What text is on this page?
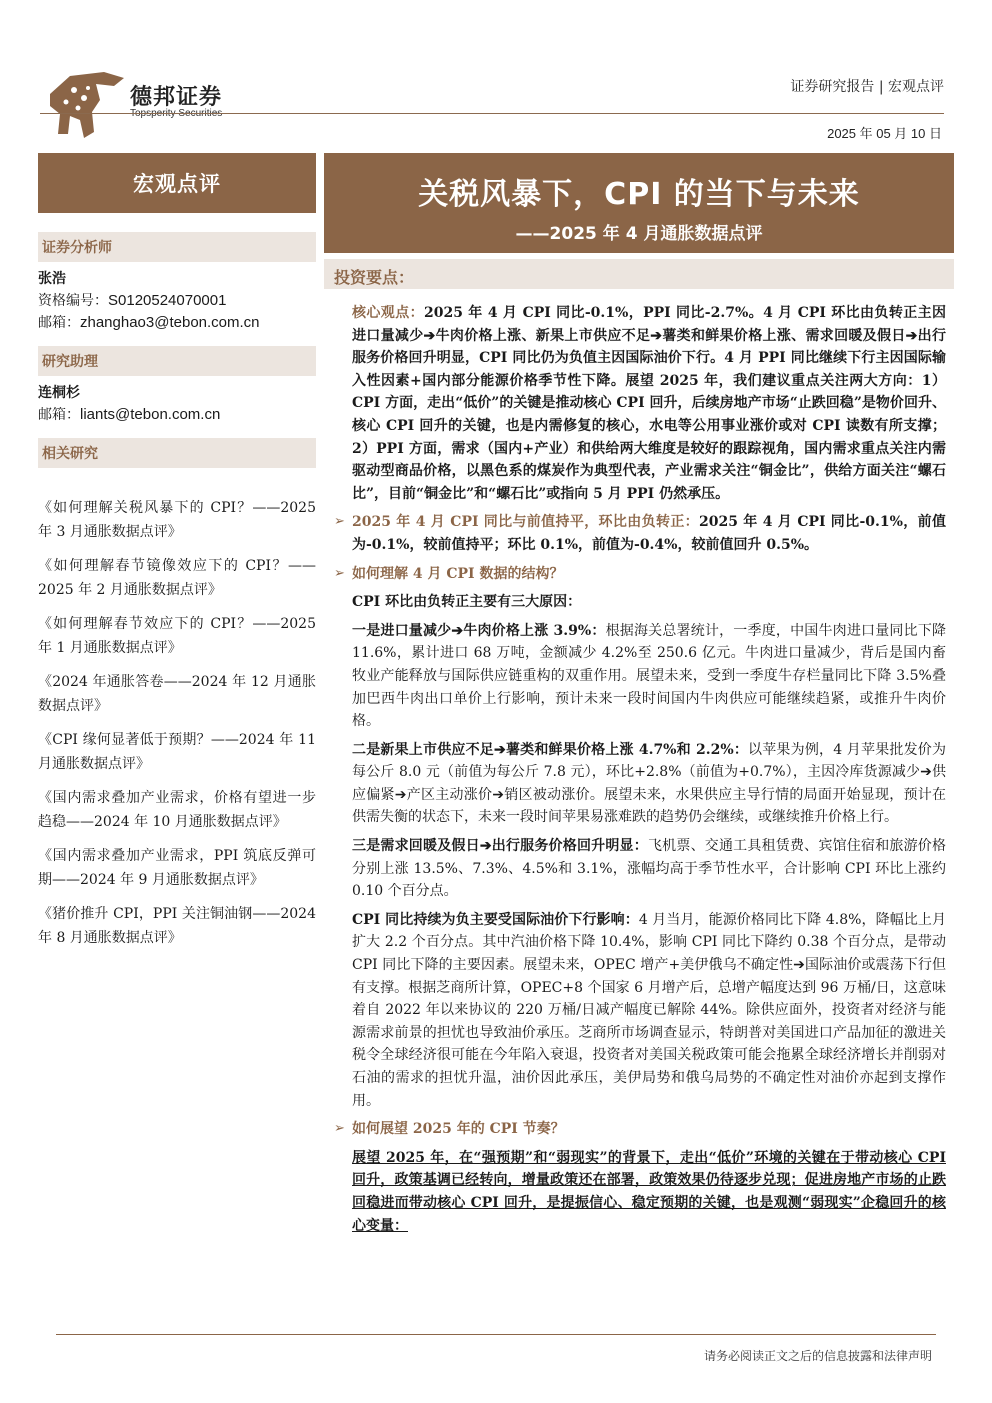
德邦证券
Topsperity Securities
证券研究报告 | 宏观点评
2025 年 05 月 10 日
宏观点评	关税风暴下，CPI 的当下与未来
——2025 年 4 月通胀数据点评
证券分析师
张浩
资格编号：S0120524070001
邮箱：zhanghao3@tebon.com.cn
研究助理
连桐杉
邮箱：liants@tebon.com.cn
相关研究
《如何理解关税风暴下的 CPI？——2025 年 3 月通胀数据点评》
《如何理解春节镜像效应下的 CPI？——2025 年 2 月通胀数据点评》
《如何理解春节效应下的 CPI？——2025 年 1 月通胀数据点评》
《2024 年通胀答卷——2024 年 12 月通胀数据点评》
《CPI 缘何显著低于预期？——2024 年 11 月通胀数据点评》
《国内需求叠加产业需求，价格有望进一步趋稳——2024 年 10 月通胀数据点评》
《国内需求叠加产业需求，PPI 筑底反弹可期——2024 年 9 月通胀数据点评》
《猪价推升 CPI，PPI 关注铜油钢——2024 年 8 月通胀数据点评》
投资要点：
核心观点：2025 年 4 月 CPI 同比-0.1%，PPI 同比-2.7%。4 月 CPI 环比由负转正主因进口量减少➔牛肉价格上涨、新果上市供应不足➔薯类和鲜果价格上涨、需求回暖及假日➔出行服务价格回升明显，CPI 同比仍为负值主因国际油价下行。4 月 PPI 同比继续下行主因国际输入性因素+国内部分能源价格季节性下降。展望 2025 年，我们建议重点关注两大方向：1）CPI 方面，走出“低价”的关键是推动核心 CPI 回升，后续房地产市场“止跌回稳”是物价回升、核心 CPI 回升的关键，也是内需修复的核心，水电等公用事业涨价或对 CPI 读数有所支撑；2）PPI 方面，需求（国内+产业）和供给两大维度是较好的跟踪视角，国内需求重点关注内需驱动型商品价格，以黑色系的煤炭作为典型代表，产业需求关注“铜金比”，供给方面关注“螺石比”，目前“铜金比”和“螺石比”或指向 5 月 PPI 仍然承压。
➢ 2025 年 4 月 CPI 同比与前值持平，环比由负转正：2025 年 4 月 CPI 同比-0.1%，前值为-0.1%，较前值持平；环比 0.1%，前值为-0.4%，较前值回升 0.5%。
➢ 如何理解 4 月 CPI 数据的结构？
CPI 环比由负转正主要有三大原因：
一是进口量减少➔牛肉价格上涨 3.9%：根据海关总署统计，一季度，中国牛肉进口量同比下降 11.6%，累计进口 68 万吨，金额减少 4.2%至 250.6 亿元。牛肉进口量减少，背后是国内畜牧业产能释放与国际供应链重构的双重作用。展望未来，受到一季度牛存栏量同比下降 3.5%叠加巴西牛肉出口单价上行影响，预计未来一段时间国内牛肉供应可能继续趋紧，或推升牛肉价格。
二是新果上市供应不足➔薯类和鲜果价格上涨 4.7%和 2.2%：以苹果为例，4 月苹果批发价为每公斤 8.0 元（前值为每公斤 7.8 元），环比+2.8%（前值为+0.7%），主因冷库货源减少➔供应偏紧➔产区主动涨价➔销区被动涨价。展望未来，水果供应主导行情的局面开始显现，预计在供需失衡的状态下，未来一段时间苹果易涨难跌的趋势仍会继续，或继续推升价格上行。
三是需求回暖及假日➔出行服务价格回升明显：飞机票、交通工具租赁费、宾馆住宿和旅游价格分别上涨 13.5%、7.3%、4.5%和 3.1%，涨幅均高于季节性水平，合计影响 CPI 环比上涨约 0.10 个百分点。
CPI 同比持续为负主要受国际油价下行影响：4 月当月，能源价格同比下降 4.8%，降幅比上月扩大 2.2 个百分点。其中汽油价格下降 10.4%，影响 CPI 同比下降约 0.38 个百分点，是带动 CPI 同比下降的主要因素。展望未来，OPEC 增产+美伊俄乌不确定性➔国际油价或震荡下行但有支撑。根据芝商所计算，OPEC+8 个国家 6 月增产后，总增产幅度达到 96 万桶/日，这意味着自 2022 年以来协议的 220 万桶/日减产幅度已解除 44%。除供应面外，投资者对经济与能源需求前景的担忧也导致油价承压。芝商所市场调查显示，特朗普对美国进口产品加征的激进关税令全球经济很可能在今年陷入衰退，投资者对美国关税政策可能会拖累全球经济增长并削弱对石油的需求的担忧升温，油价因此承压，美伊局势和俄乌局势的不确定性对油价亦起到支撑作用。
➢ 如何展望 2025 年的 CPI 节奏？
展望 2025 年，在“强预期”和“弱现实”的背景下，走出“低价”环境的关键在于带动核心 CPI 回升，政策基调已经转向，增量政策还在部署，政策效果仍待逐步兑现；促进房地产市场的止跌回稳进而带动核心 CPI 回升，是提振信心、稳定预期的关键，也是观测“弱现实”企稳回升的核心变量：
请务必阅读正文之后的信息披露和法律声明
